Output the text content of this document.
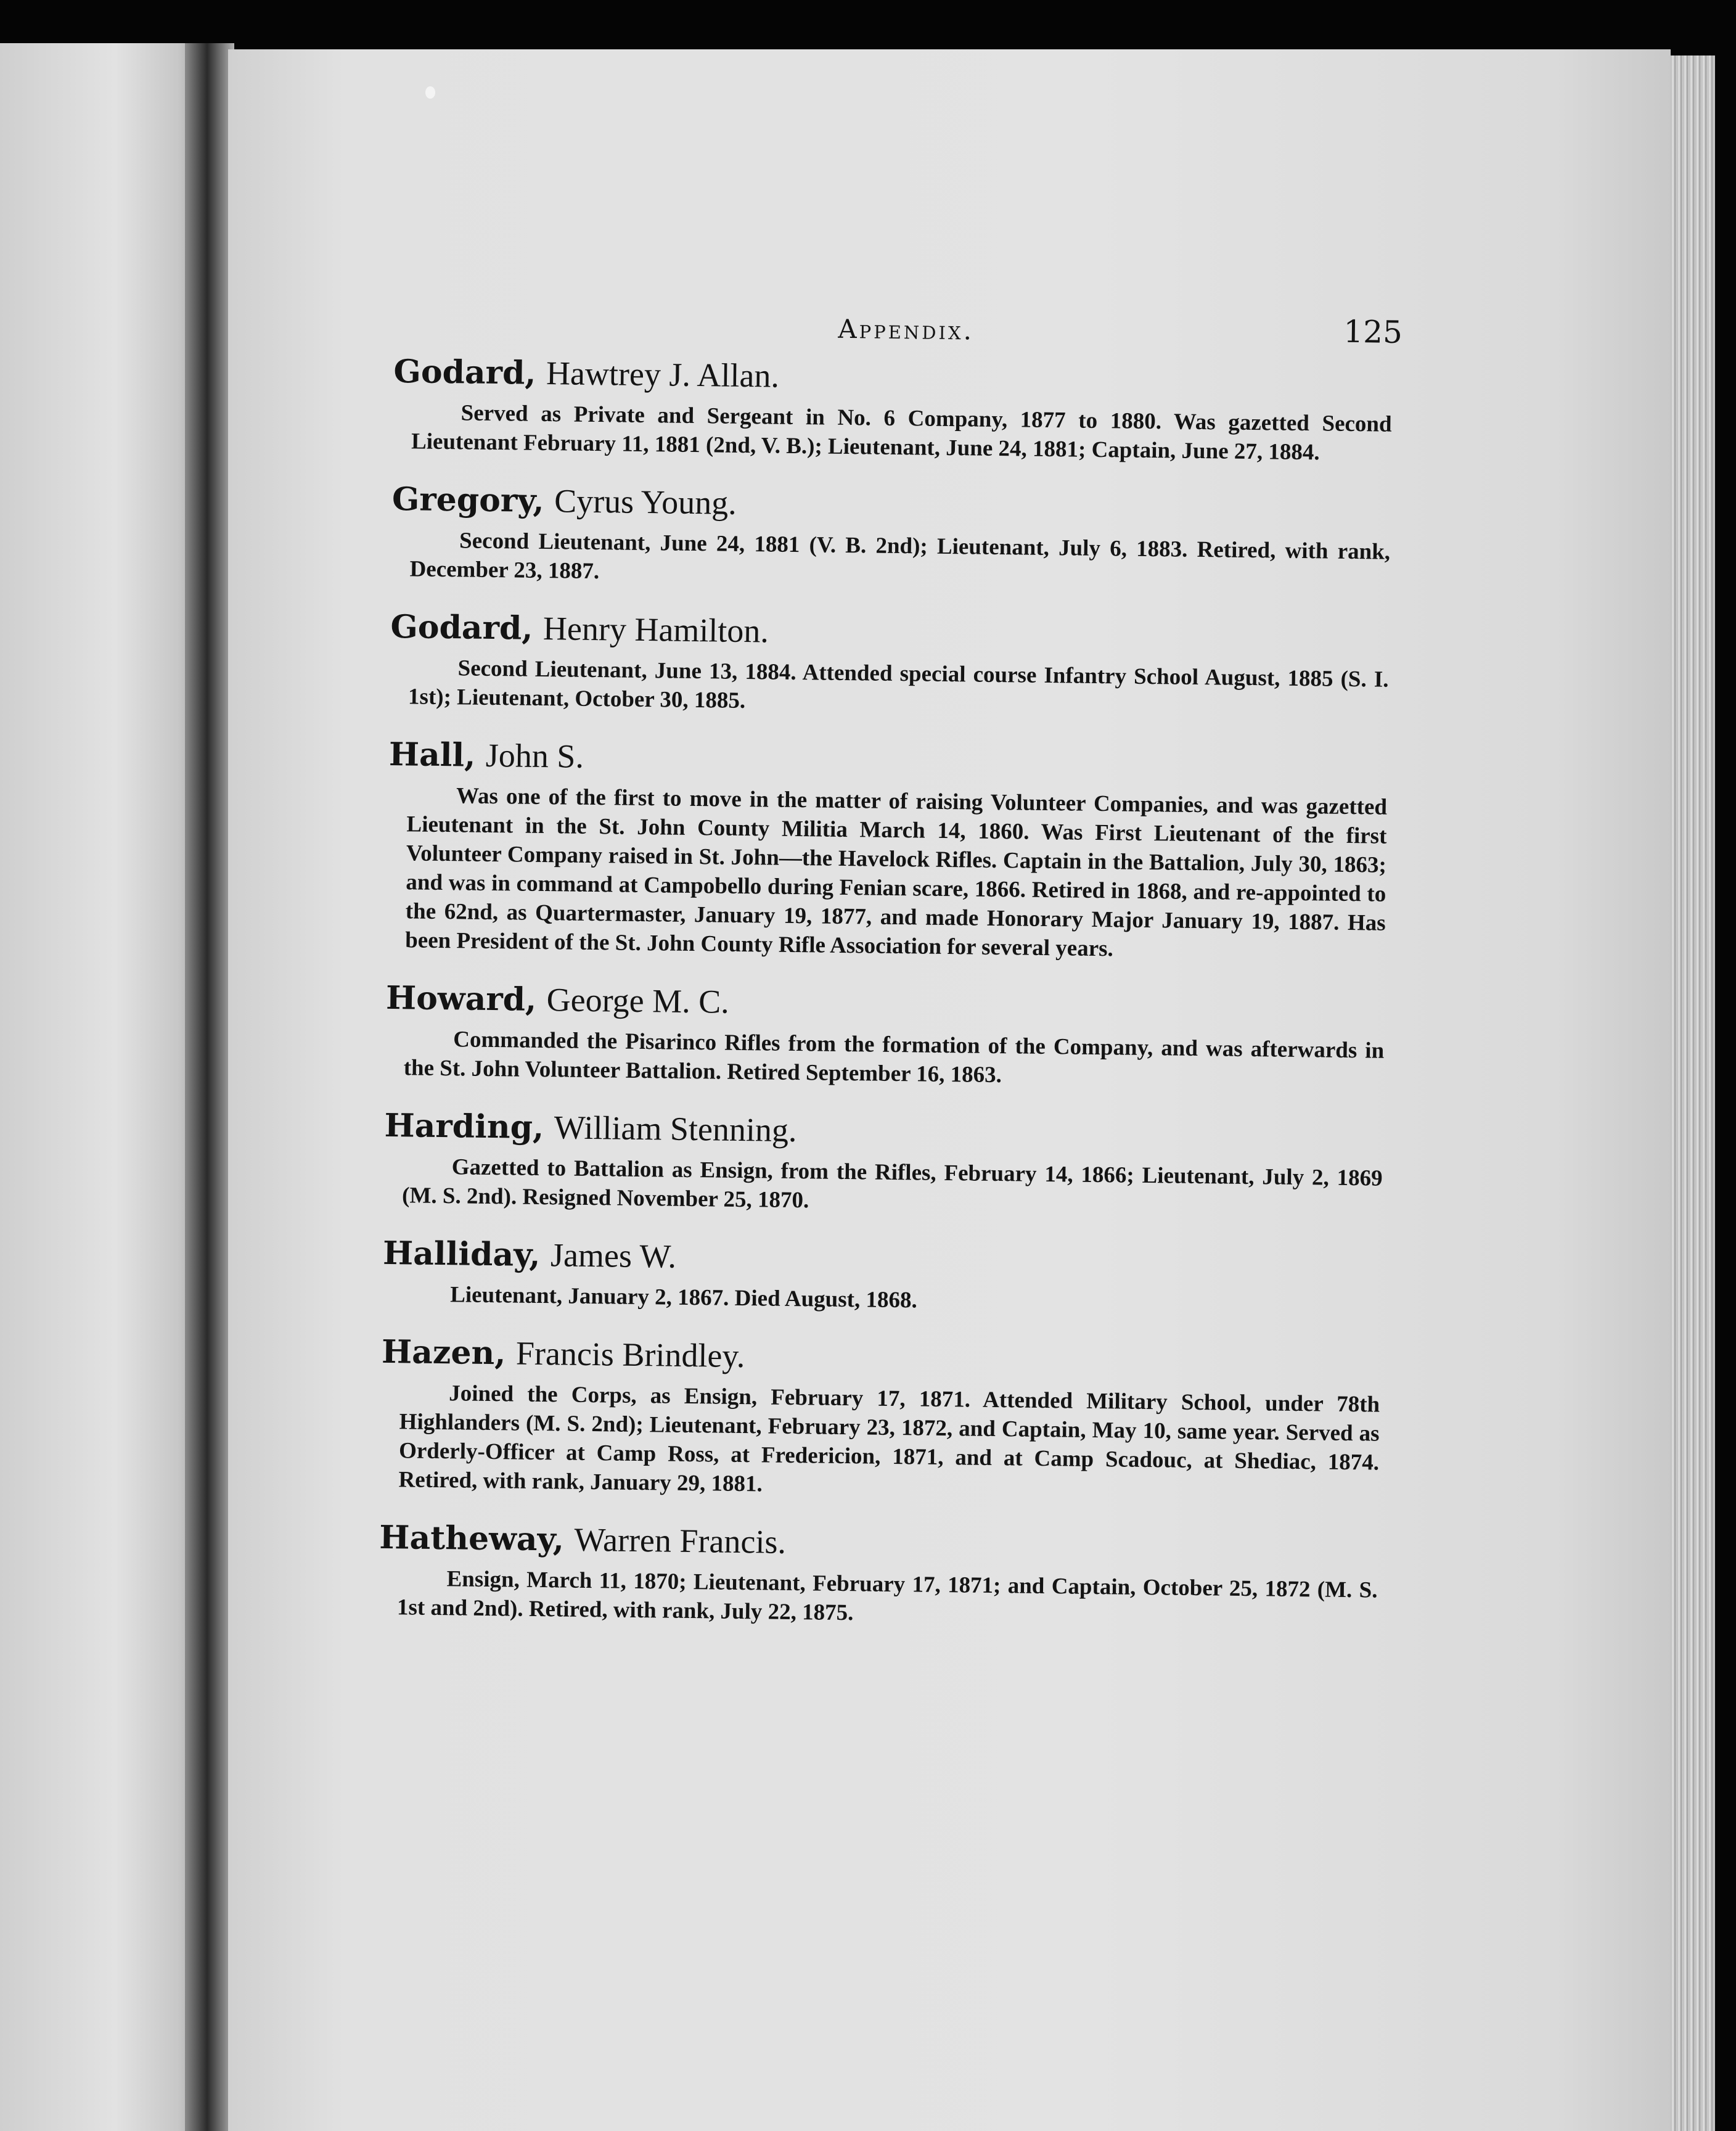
Appendix.	125

Godard, Hawtrey J. Allan.

Served as Private and Sergeant in No. 6 Company, 1877 to 1880. Was gazetted Second Lieutenant February 11, 1881 (2nd, V. B.); Lieutenant, June 24, 1881; Captain, June 27, 1884.

Gregory, Cyrus Young.

Second Lieutenant, June 24, 1881 (V. B. 2nd); Lieutenant, July 6, 1883. Retired, with rank, December 23, 1887.

Godard, Henry Hamilton.

Second Lieutenant, June 13, 1884. Attended special course Infantry School August, 1885 (S. I. 1st); Lieutenant, October 30, 1885.

Hall, John S.

Was one of the first to move in the matter of raising Volunteer Companies, and was gazetted Lieutenant in the St. John County Militia March 14, 1860. Was First Lieutenant of the first Volunteer Company raised in St. John—the Havelock Rifles. Captain in the Battalion, July 30, 1863; and was in command at Campobello during Fenian scare, 1866. Retired in 1868, and re-appointed to the 62nd, as Quartermaster, January 19, 1877, and made Honorary Major January 19, 1887. Has been President of the St. John County Rifle Association for several years.

Howard, George M. C.

Commanded the Pisarinco Rifles from the formation of the Company, and was afterwards in the St. John Volunteer Battalion. Retired September 16, 1863.

Harding, William Stenning.

Gazetted to Battalion as Ensign, from the Rifles, February 14, 1866; Lieutenant, July 2, 1869 (M. S. 2nd). Resigned November 25, 1870.

Halliday, James W.

Lieutenant, January 2, 1867. Died August, 1868.

Hazen, Francis Brindley.

Joined the Corps, as Ensign, February 17, 1871. Attended Military School, under 78th Highlanders (M. S. 2nd); Lieutenant, February 23, 1872, and Captain, May 10, same year. Served as Orderly-Officer at Camp Ross, at Fredericion, 1871, and at Camp Scadouc, at Shediac, 1874. Retired, with rank, January 29, 1881.

Hatheway, Warren Francis.

Ensign, March 11, 1870; Lieutenant, February 17, 1871; and Captain, October 25, 1872 (M. S. 1st and 2nd). Retired, with rank, July 22, 1875.
